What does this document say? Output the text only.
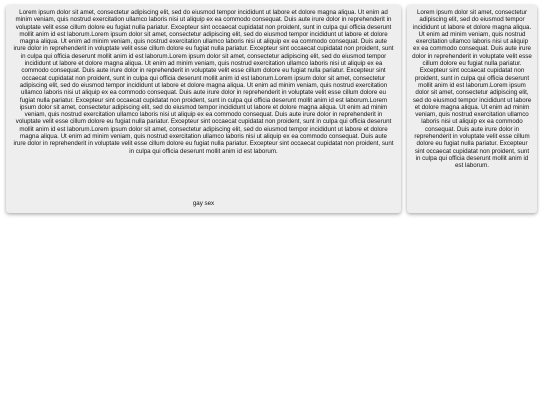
Lorem ipsum dolor sit amet, consectetur adipiscing elit, sed do eiusmod tempor incididunt ut labore et dolore magna aliqua. Ut enim ad minim veniam, quis nostrud exercitation ullamco laboris nisi ut aliquip ex ea commodo consequat. Duis aute irure dolor in reprehenderit in voluptate velit esse cillum dolore eu fugiat nulla pariatur. Excepteur sint occaecat cupidatat non proident, sunt in culpa qui officia deserunt mollit anim id est laborum.Lorem ipsum dolor sit amet, consectetur adipiscing elit, sed do eiusmod tempor incididunt ut labore et dolore magna aliqua. Ut enim ad minim veniam, quis nostrud exercitation ullamco laboris nisi ut aliquip ex ea commodo consequat. Duis aute irure dolor in reprehenderit in voluptate velit esse cillum dolore eu fugiat nulla pariatur. Excepteur sint occaecat cupidatat non proident, sunt in culpa qui officia deserunt mollit anim id est laborum.Lorem ipsum dolor sit amet, consectetur adipiscing elit, sed do eiusmod tempor incididunt ut labore et dolore magna aliqua. Ut enim ad minim veniam, quis nostrud exercitation ullamco laboris nisi ut aliquip ex ea commodo consequat. Duis aute irure dolor in reprehenderit in voluptate velit esse cillum dolore eu fugiat nulla pariatur. Excepteur sint occaecat cupidatat non proident, sunt in culpa qui officia deserunt mollit anim id est laborum.Lorem ipsum dolor sit amet, consectetur adipiscing elit, sed do eiusmod tempor incididunt ut labore et dolore magna aliqua. Ut enim ad minim veniam, quis nostrud exercitation ullamco laboris nisi ut aliquip ex ea commodo consequat. Duis aute irure dolor in reprehenderit in voluptate velit esse cillum dolore eu fugiat nulla pariatur. Excepteur sint occaecat cupidatat non proident, sunt in culpa qui officia deserunt mollit anim id est laborum.Lorem ipsum dolor sit amet, consectetur adipiscing elit, sed do eiusmod tempor incididunt ut labore et dolore magna aliqua. Ut enim ad minim veniam, quis nostrud exercitation ullamco laboris nisi ut aliquip ex ea commodo consequat. Duis aute irure dolor in reprehenderit in voluptate velit esse cillum dolore eu fugiat nulla pariatur. Excepteur sint occaecat cupidatat non proident, sunt in culpa qui officia deserunt mollit anim id est laborum.Lorem ipsum dolor sit amet, consectetur adipiscing elit, sed do eiusmod tempor incididunt ut labore et dolore magna aliqua. Ut enim ad minim veniam, quis nostrud exercitation ullamco laboris nisi ut aliquip ex ea commodo consequat. Duis aute irure dolor in reprehenderit in voluptate velit esse cillum dolore eu fugiat nulla pariatur. Excepteur sint occaecat cupidatat non proident, sunt in culpa qui officia deserunt mollit anim id est laborum.

gay sex

Lorem ipsum dolor sit amet, consectetur adipiscing elit, sed do eiusmod tempor incididunt ut labore et dolore magna aliqua. Ut enim ad minim veniam, quis nostrud exercitation ullamco laboris nisi ut aliquip ex ea commodo consequat. Duis aute irure dolor in reprehenderit in voluptate velit esse cillum dolore eu fugiat nulla pariatur. Excepteur sint occaecat cupidatat non proident, sunt in culpa qui officia deserunt mollit anim id est laborum.Lorem ipsum dolor sit amet, consectetur adipiscing elit, sed do eiusmod tempor incididunt ut labore et dolore magna aliqua. Ut enim ad minim veniam, quis nostrud exercitation ullamco laboris nisi ut aliquip ex ea commodo consequat. Duis aute irure dolor in reprehenderit in voluptate velit esse cillum dolore eu fugiat nulla pariatur. Excepteur sint occaecat cupidatat non proident, sunt in culpa qui officia deserunt mollit anim id est laborum.
